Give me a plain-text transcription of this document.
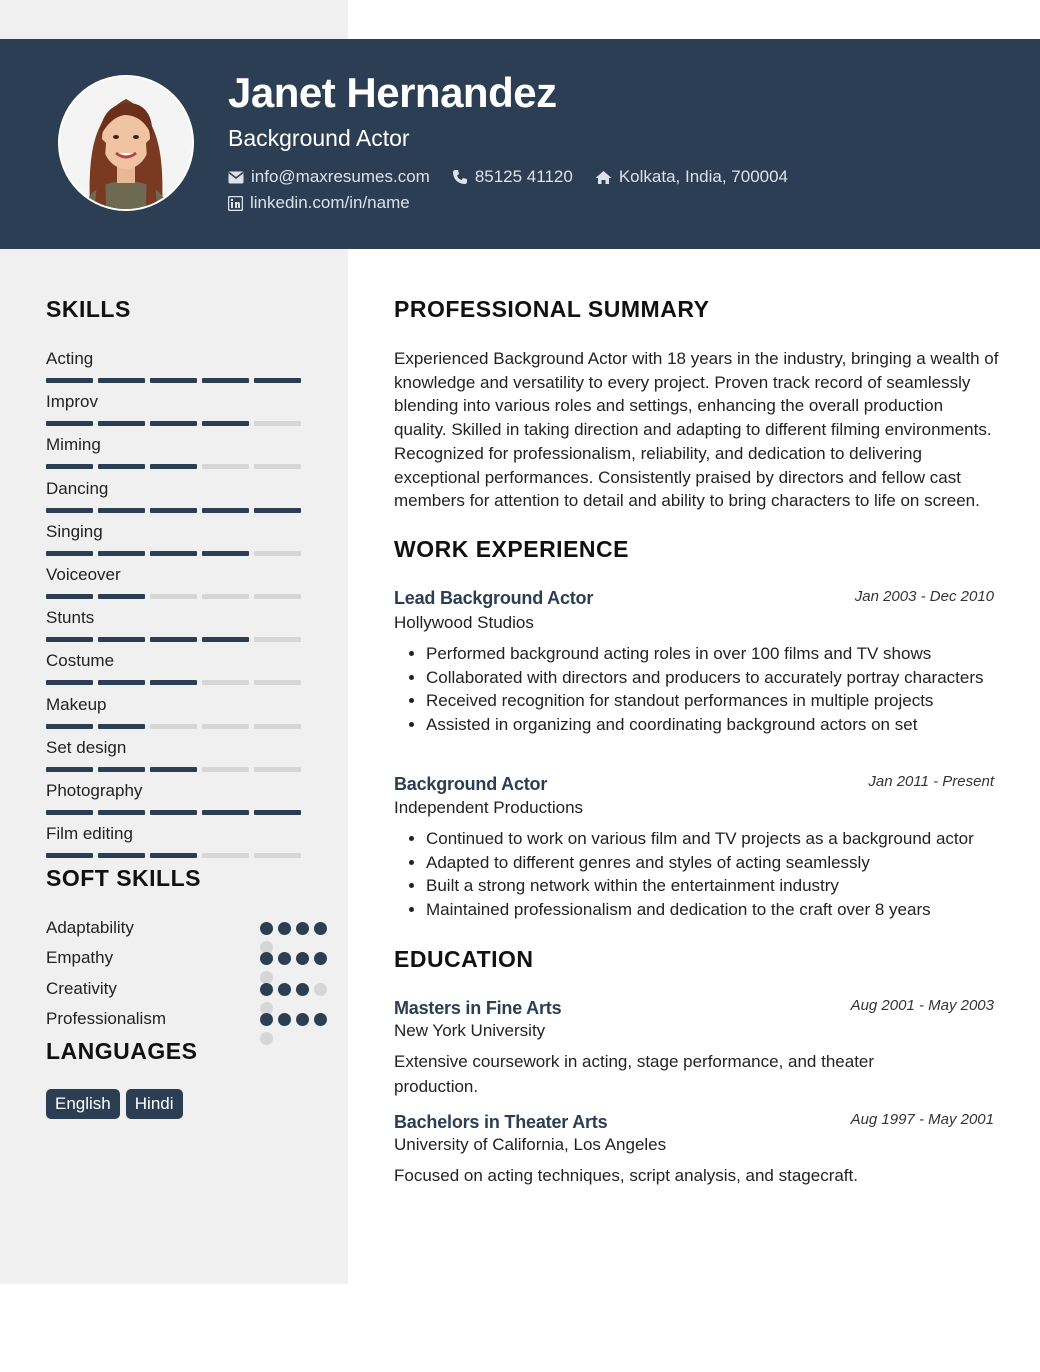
Janet Hernandez
Background Actor
info@maxresumes.com	85125 41120	Kolkata, India, 700004
linkedin.com/in/name
SKILLS
Acting
Improv
Miming
Dancing
Singing
Voiceover
Stunts
Costume
Makeup
Set design
Photography
Film editing
SOFT SKILLS
Adaptability
Empathy
Creativity
Professionalism
LANGUAGES
English	Hindi
PROFESSIONAL SUMMARY

Experienced Background Actor with 18 years in the industry, bringing a wealth of knowledge and versatility to every project. Proven track record of seamlessly blending into various roles and settings, enhancing the overall production quality. Skilled in taking direction and adapting to different filming environments. Recognized for professionalism, reliability, and dedication to delivering exceptional performances. Consistently praised by directors and fellow cast members for attention to detail and ability to bring characters to life on screen.

WORK EXPERIENCE
Lead Background Actor	Jan 2003 - Dec 2010
Hollywood Studios
• Performed background acting roles in over 100 films and TV shows
• Collaborated with directors and producers to accurately portray characters
• Received recognition for standout performances in multiple projects
• Assisted in organizing and coordinating background actors on set
Background Actor	Jan 2011 - Present
Independent Productions
• Continued to work on various film and TV projects as a background actor
• Adapted to different genres and styles of acting seamlessly
• Built a strong network within the entertainment industry
• Maintained professionalism and dedication to the craft over 8 years
EDUCATION
Masters in Fine Arts	Aug 2001 - May 2003
New York University

Extensive coursework in acting, stage performance, and theater production.

Bachelors in Theater Arts	Aug 1997 - May 2001
University of California, Los Angeles

Focused on acting techniques, script analysis, and stagecraft.
